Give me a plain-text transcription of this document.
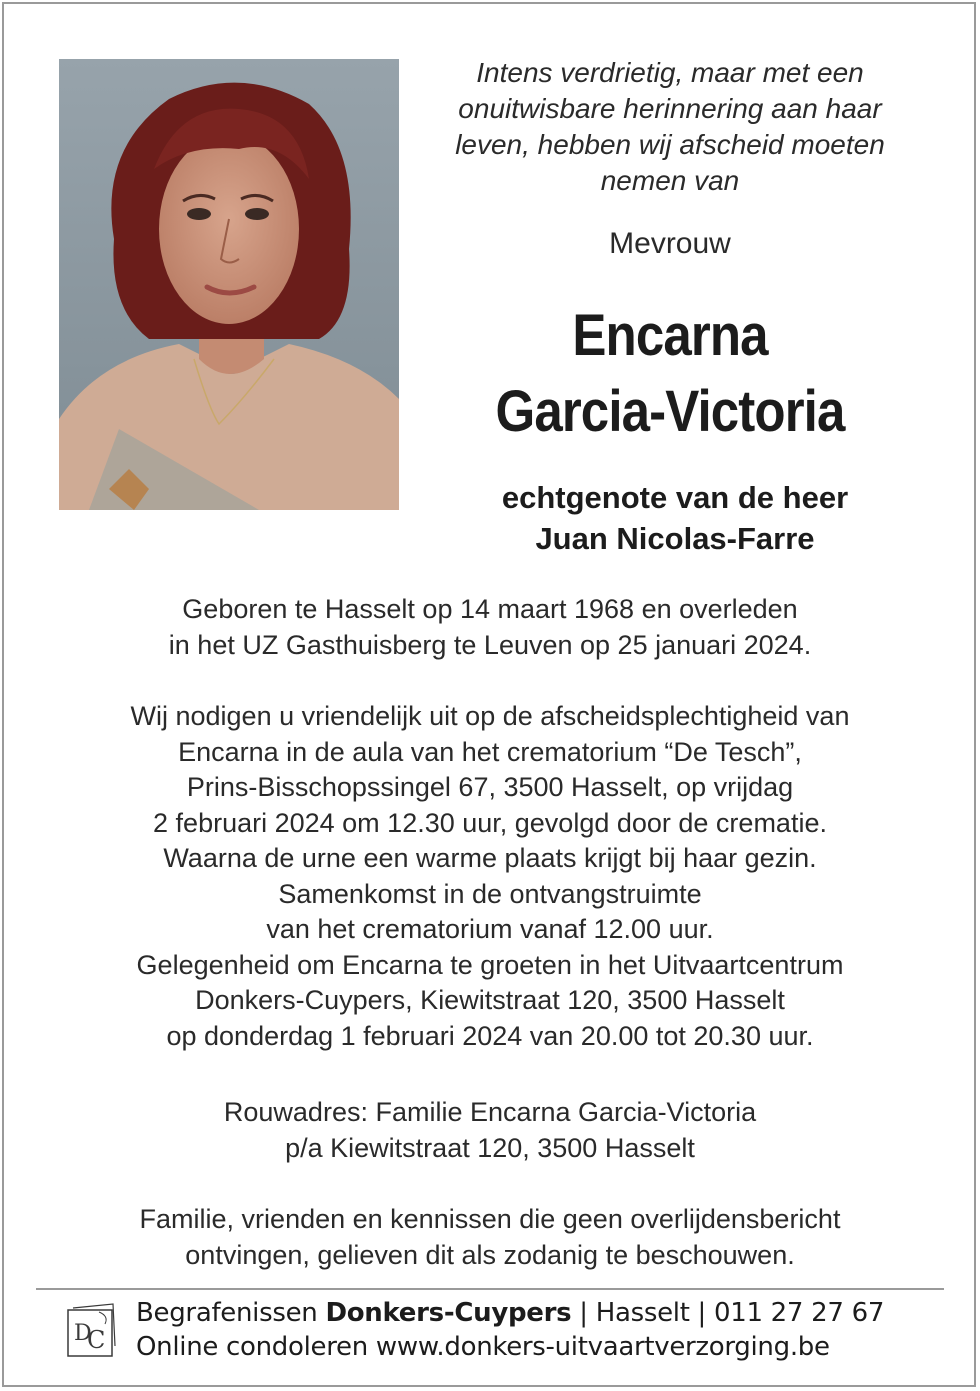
Intens verdrietig, maar met een
onuitwisbare herinnering aan haar
leven, hebben wij afscheid moeten
nemen van
Mevrouw
Encarna
Garcia-Victoria
echtgenote van de heer
Juan Nicolas-Farre
Geboren te Hasselt op 14 maart 1968 en overleden
in het UZ Gasthuisberg te Leuven op 25 januari 2024.
Wij nodigen u vriendelijk uit op de afscheidsplechtigheid van
Encarna in de aula van het crematorium “De Tesch”,
Prins-Bisschopssingel 67, 3500 Hasselt, op vrijdag
2 februari 2024 om 12.30 uur, gevolgd door de crematie.
Waarna de urne een warme plaats krijgt bij haar gezin.
Samenkomst in de ontvangstruimte
van het crematorium vanaf 12.00 uur.
Gelegenheid om Encarna te groeten in het Uitvaartcentrum
Donkers-Cuypers, Kiewitstraat 120, 3500 Hasselt
op donderdag 1 februari 2024 van 20.00 tot 20.30 uur.
Rouwadres: Familie Encarna Garcia-Victoria
p/a Kiewitstraat 120, 3500 Hasselt
Familie, vrienden en kennissen die geen overlijdensbericht
ontvingen, gelieven dit als zodanig te beschouwen.
D
C
Begrafenissen Donkers-Cuypers | Hasselt | 011 27 27 67
Online condoleren www.donkers-uitvaartverzorging.be
